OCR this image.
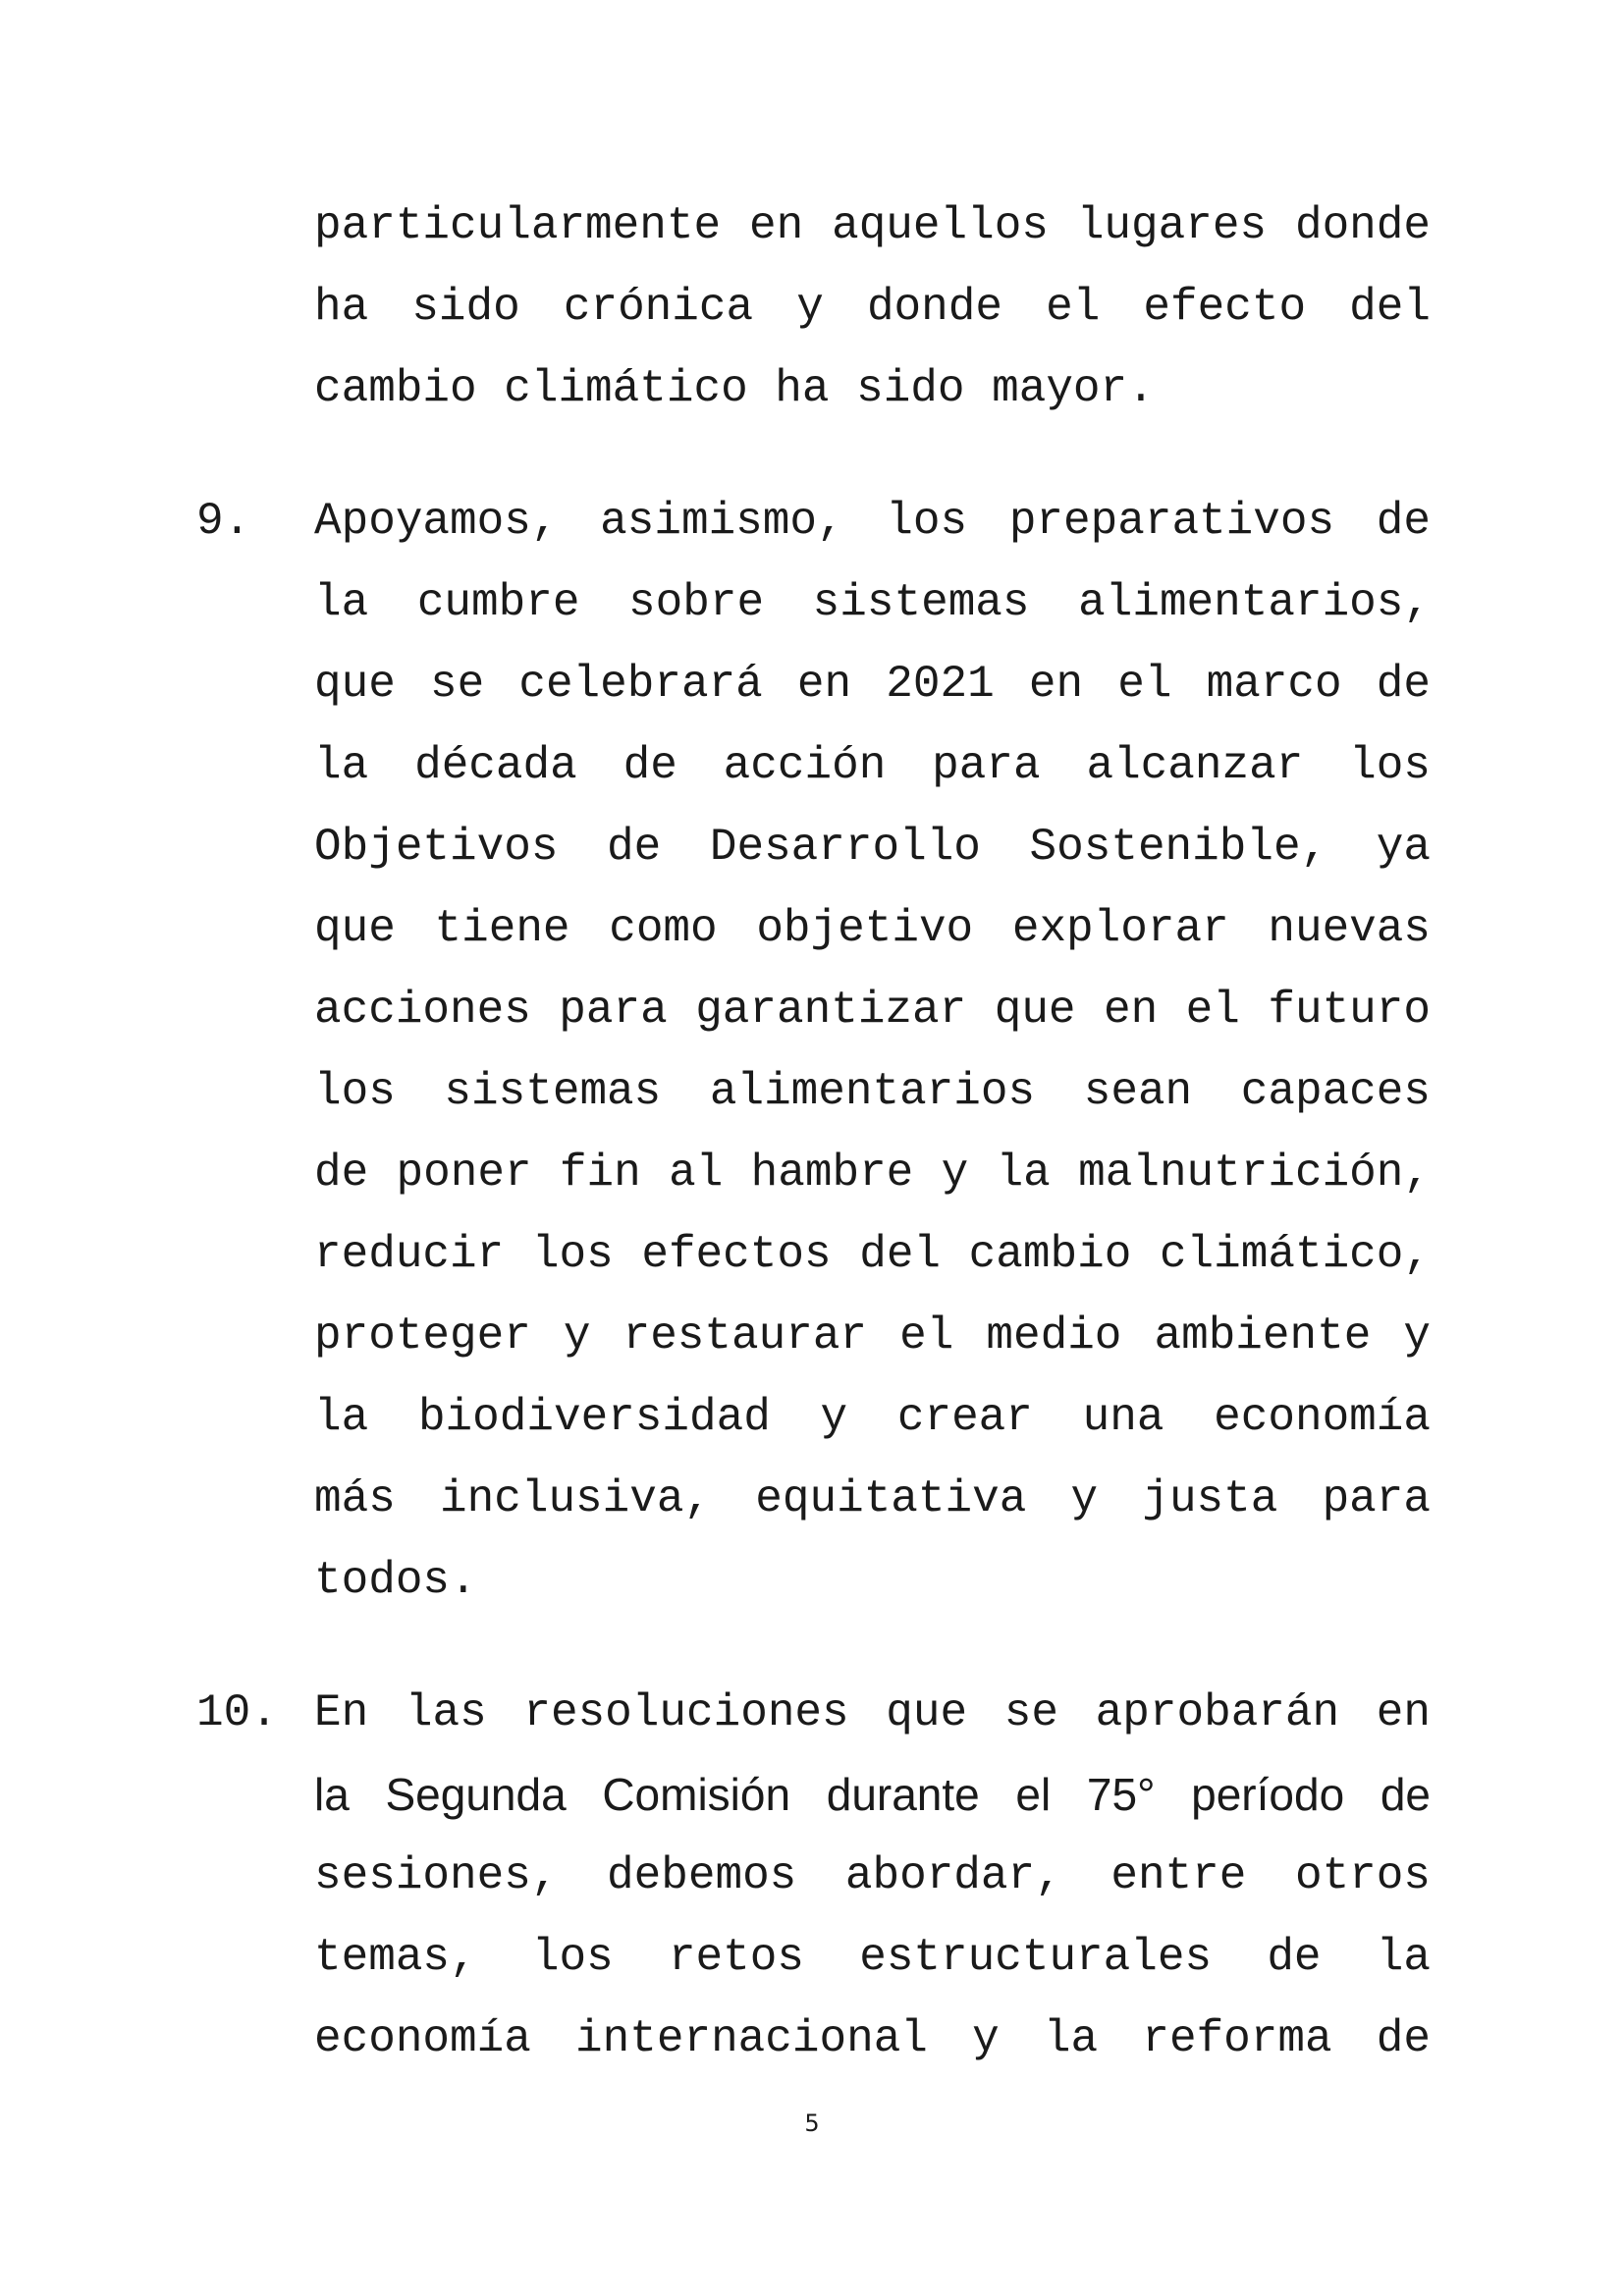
particularmente en aquellos lugares donde

ha sido crónica y donde el efecto del

cambio climático ha sido mayor.

9. Apoyamos, asimismo, los preparativos de

la cumbre sobre sistemas alimentarios,

que se celebrará en 2021 en el marco de

la década de acción para alcanzar los

Objetivos de Desarrollo Sostenible, ya

que tiene como objetivo explorar nuevas

acciones para garantizar que en el futuro

los sistemas alimentarios sean capaces

de poner fin al hambre y la malnutrición,

reducir los efectos del cambio climático,

proteger y restaurar el medio ambiente y

la biodiversidad y crear una economía

más inclusiva, equitativa y justa para

todos.

10. En las resoluciones que se aprobarán en

la Segunda Comisión durante el 75° período de

sesiones, debemos abordar, entre otros

temas, los retos estructurales de la

economía internacional y la reforma de

5
